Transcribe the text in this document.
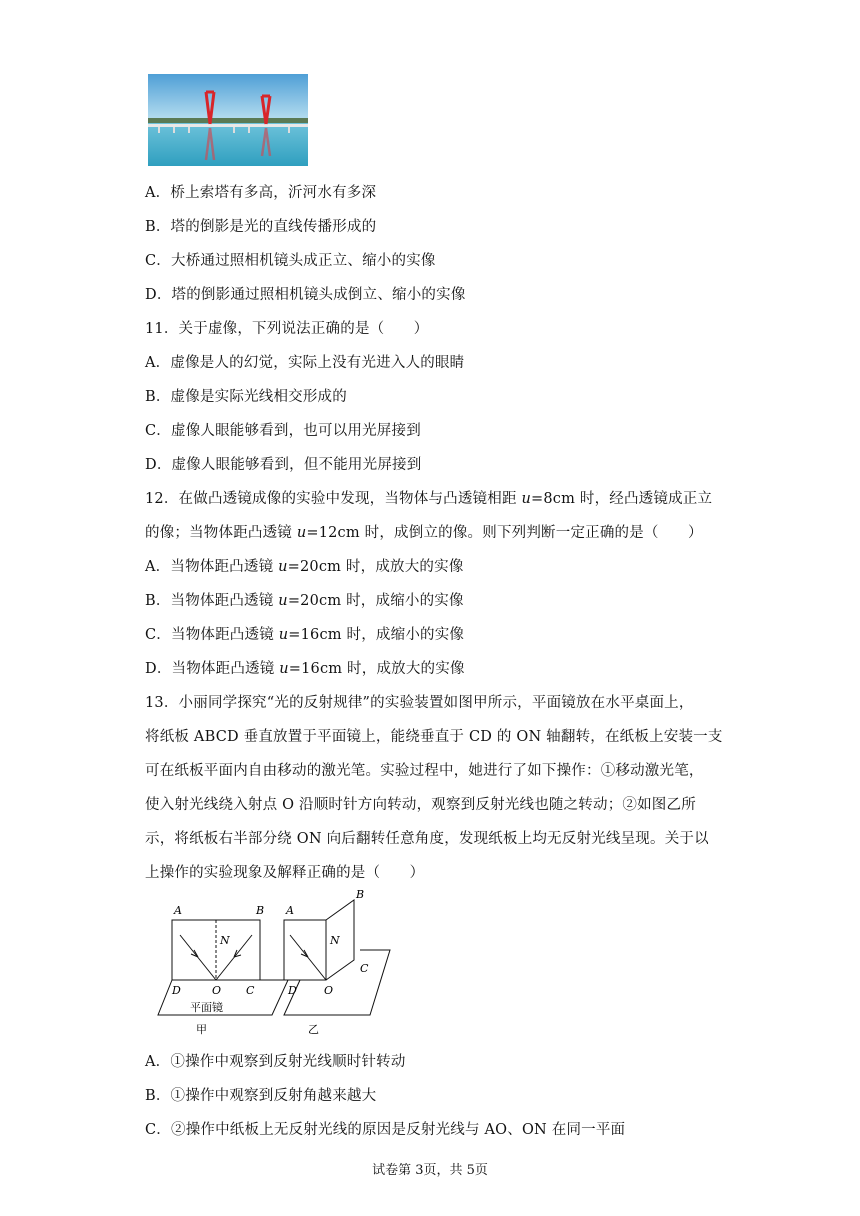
A．桥上索塔有多高，沂河水有多深
B．塔的倒影是光的直线传播形成的
C．大桥通过照相机镜头成正立、缩小的实像
D．塔的倒影通过照相机镜头成倒立、缩小的实像
11．关于虚像，下列说法正确的是（　　）
A．虚像是人的幻觉，实际上没有光进入人的眼睛
B．虚像是实际光线相交形成的
C．虚像人眼能够看到，也可以用光屏接到
D．虚像人眼能够看到，但不能用光屏接到
12．在做凸透镜成像的实验中发现，当物体与凸透镜相距 u=8cm 时，经凸透镜成正立
的像；当物体距凸透镜 u=12cm 时，成倒立的像。则下列判断一定正确的是（　　）
A．当物体距凸透镜 u=20cm 时，成放大的实像
B．当物体距凸透镜 u=20cm 时，成缩小的实像
C．当物体距凸透镜 u=16cm 时，成缩小的实像
D．当物体距凸透镜 u=16cm 时，成放大的实像
13．小丽同学探究“光的反射规律”的实验装置如图甲所示，平面镜放在水平桌面上，
将纸板 ABCD 垂直放置于平面镜上，能绕垂直于 CD 的 ON 轴翻转，在纸板上安装一支
可在纸板平面内自由移动的激光笔。实验过程中，她进行了如下操作：①移动激光笔，
使入射光线绕入射点 O 沿顺时针方向转动，观察到反射光线也随之转动；②如图乙所
示，将纸板右半部分绕 ON 向后翻转任意角度，发现纸板上均无反射光线呈现。关于以
上操作的实验现象及解释正确的是（　　）
A	B
N
D	O C
平面镜
甲
A
B
N
D O
C
乙
A．①操作中观察到反射光线顺时针转动
B．①操作中观察到反射角越来越大
C．②操作中纸板上无反射光线的原因是反射光线与 AO、ON 在同一平面
试卷第 3页，共 5页
